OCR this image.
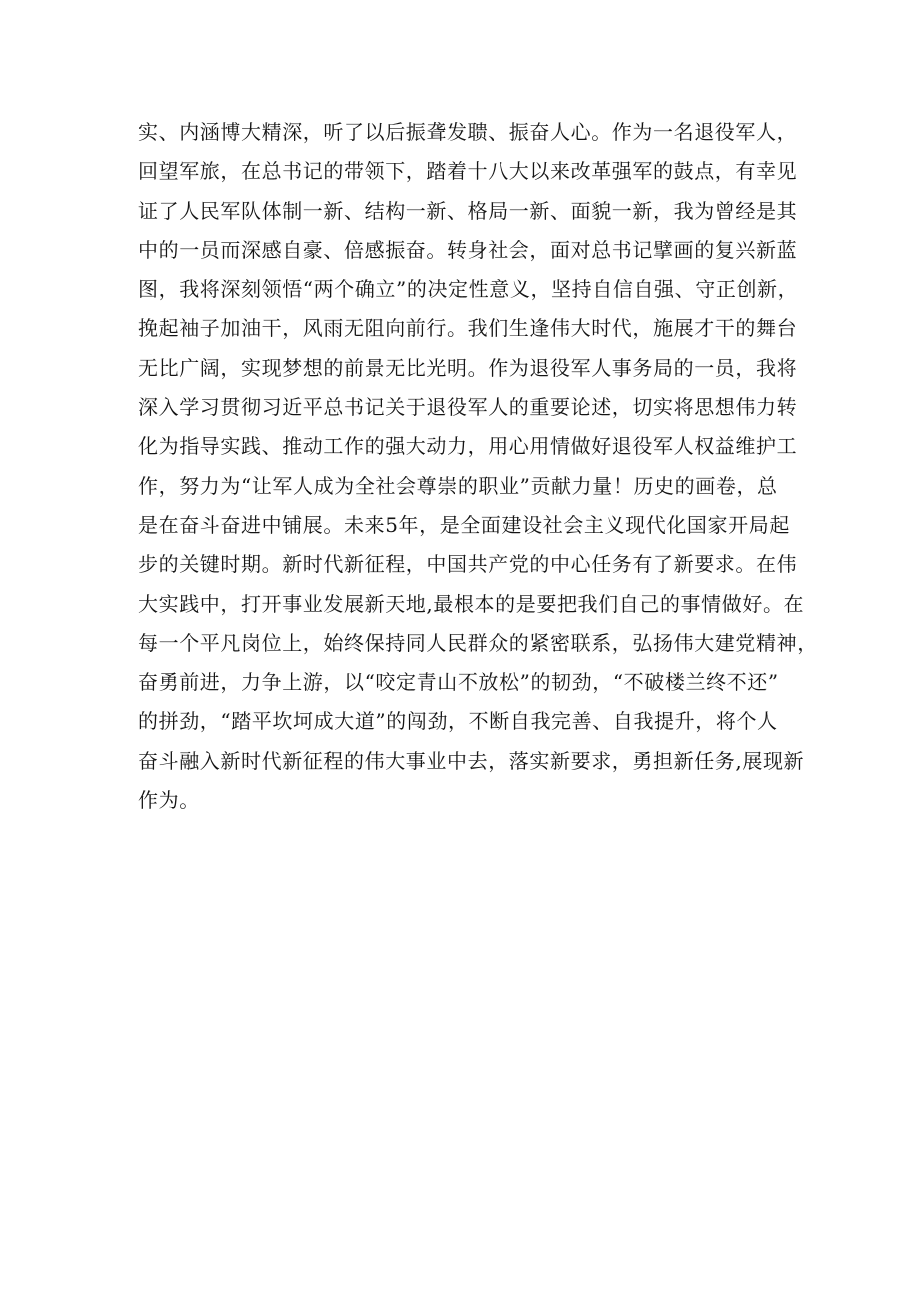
实、内涵博大精深，听了以后振聋发聩、振奋人心。作为一名退役军人，
回望军旅，在总书记的带领下，踏着十八大以来改革强军的鼓点，有幸见
证了人民军队体制一新、结构一新、格局一新、面貌一新，我为曾经是其
中的一员而深感自豪、倍感振奋。转身社会，面对总书记擘画的复兴新蓝
图，我将深刻领悟“两个确立”的决定性意义，坚持自信自强、守正创新，
挽起袖子加油干，风雨无阻向前行。我们生逢伟大时代，施展才干的舞台
无比广阔，实现梦想的前景无比光明。作为退役军人事务局的一员，我将
深入学习贯彻习近平总书记关于退役军人的重要论述，切实将思想伟力转
化为指导实践、推动工作的强大动力，用心用情做好退役军人权益维护工
作，努力为“让军人成为全社会尊崇的职业”贡献力量！历史的画卷，总
是在奋斗奋进中铺展。未来5年，是全面建设社会主义现代化国家开局起
步的关键时期。新时代新征程，中国共产党的中心任务有了新要求。在伟
大实践中，打开事业发展新天地,最根本的是要把我们自己的事情做好。在
每一个平凡岗位上，始终保持同人民群众的紧密联系，弘扬伟大建党精神，
奋勇前进，力争上游，以“咬定青山不放松”的韧劲，“不破楼兰终不还”
的拼劲，“踏平坎坷成大道”的闯劲，不断自我完善、自我提升，将个人
奋斗融入新时代新征程的伟大事业中去，落实新要求，勇担新任务,展现新
作为。
